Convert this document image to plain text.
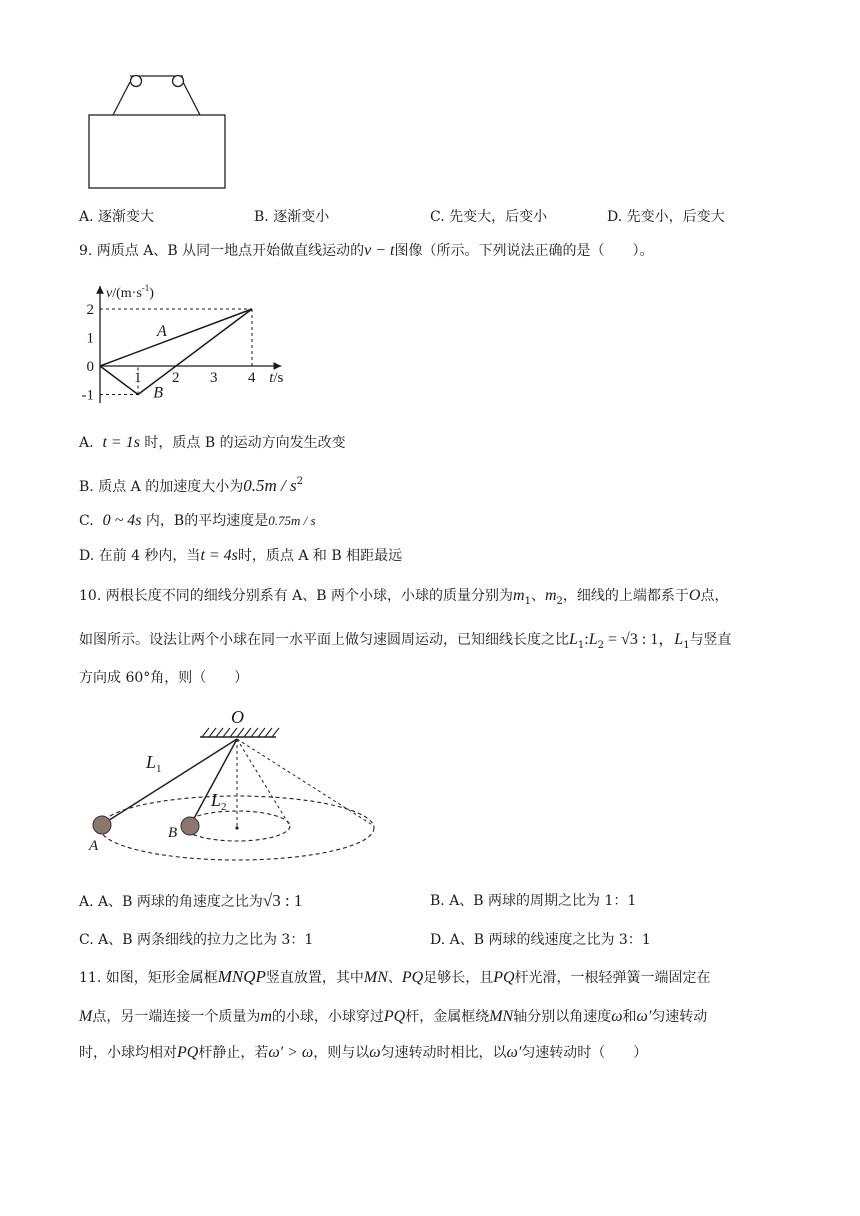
A. 逐渐变大	B. 逐渐变小	C. 先变大，后变小	D. 先变小，后变大
9. 两质点 A、B 从同一地点开始做直线运动的v − t图像（所示。下列说法正确的是（　　）。
A
B
1 2 3 4
2
1
0
-1
$v/(m\cdot s^{-1})$
t/s
A. t = 1s 时，质点 B 的运动方向发生改变
B. 质点 A 的加速度大小为$0.5m / s^2$
C. 0 ~ 4s 内，B的平均速度是0.75m / s
D. 在前 4 秒内，当t = 4s时，质点 A 和 B 相距最远
10. 两根长度不同的细线分别系有 A、B 两个小球，小球的质量分别为$m_1$、$m_2$，细线的上端都系于O点，
如图所示。设法让两个小球在同一水平面上做匀速圆周运动，已知细线长度之比$L_1:L_2 = √3$ : 1，$L_1$与竖直
方向成 60°角，则（　　）
O
$L_1$
$L_2$
A
B
A. A、B 两球的角速度之比为√3 : 1	B. A、B 两球的周期之比为 1：1
C. A、B 两条细线的拉力之比为 3：1	D. A、B 两球的线速度之比为 3：1
11. 如图，矩形金属框MNQP竖直放置，其中MN、PQ足够长，且PQ杆光滑，一根轻弹簧一端固定在
M点，另一端连接一个质量为m的小球，小球穿过PQ杆，金属框绕MN轴分别以角速度ω和ω′匀速转动
时，小球均相对PQ杆静止，若ω′ > ω，则与以ω匀速转动时相比，以ω′匀速转动时（　　）
